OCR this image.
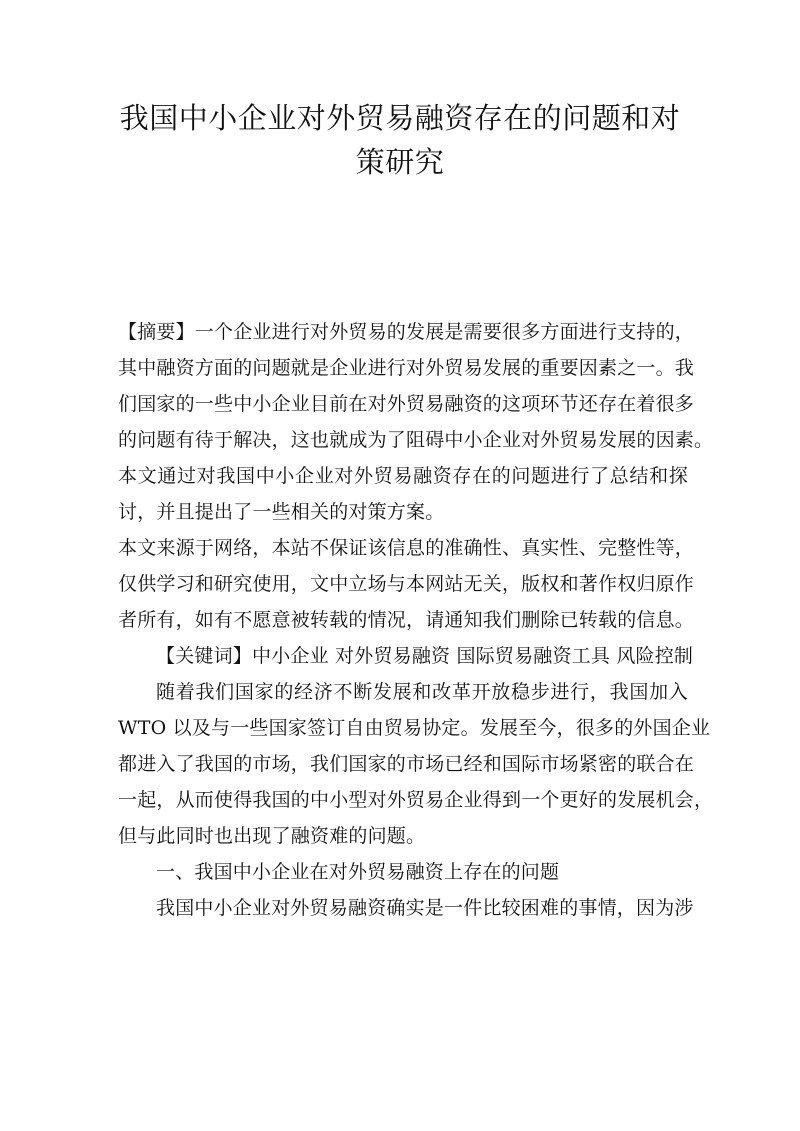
我国中小企业对外贸易融资存在的问题和对
策研究
【摘要】一个企业进行对外贸易的发展是需要很多方面进行支持的，
其中融资方面的问题就是企业进行对外贸易发展的重要因素之一。我
们国家的一些中小企业目前在对外贸易融资的这项环节还存在着很多
的问题有待于解决，这也就成为了阻碍中小企业对外贸易发展的因素。
本文通过对我国中小企业对外贸易融资存在的问题进行了总结和探
讨，并且提出了一些相关的对策方案。
本文来源于网络，本站不保证该信息的准确性、真实性、完整性等，
仅供学习和研究使用，文中立场与本网站无关，版权和著作权归原作
者所有，如有不愿意被转载的情况，请通知我们删除已转载的信息。
【关键词】中小企业 对外贸易融资 国际贸易融资工具 风险控制
随着我们国家的经济不断发展和改革开放稳步进行，我国加入
WTO 以及与一些国家签订自由贸易协定。发展至今，很多的外国企业
都进入了我国的市场，我们国家的市场已经和国际市场紧密的联合在
一起，从而使得我国的中小型对外贸易企业得到一个更好的发展机会，
但与此同时也出现了融资难的问题。
一、我国中小企业在对外贸易融资上存在的问题
我国中小企业对外贸易融资确实是一件比较困难的事情，因为涉
